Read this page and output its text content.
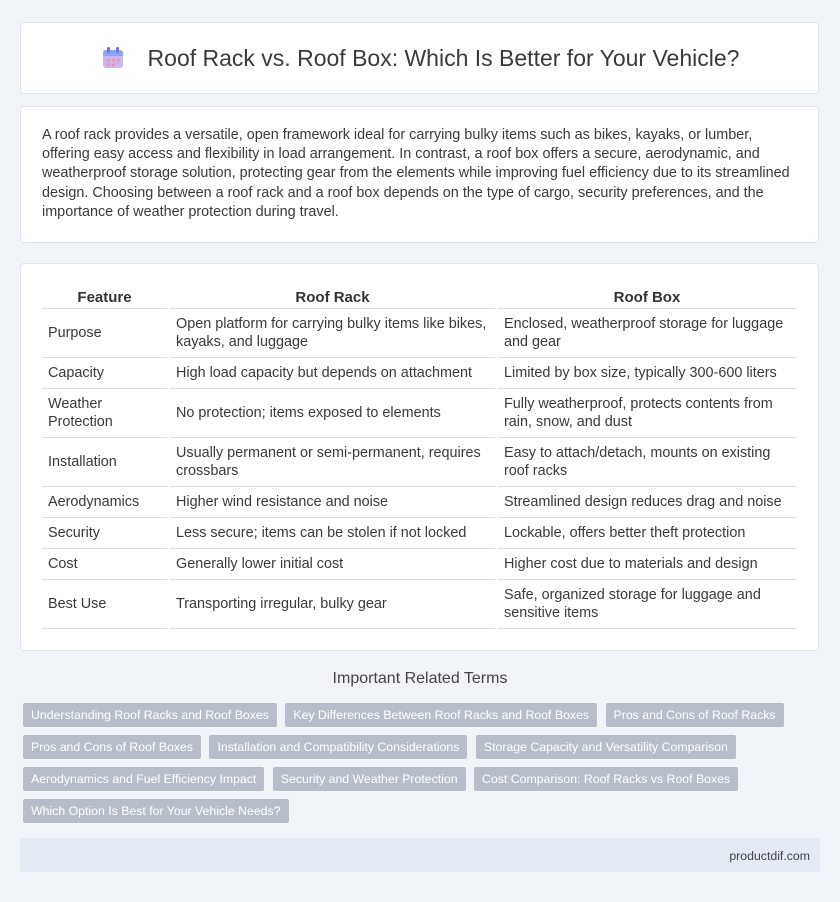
Roof Rack vs. Roof Box: Which Is Better for Your Vehicle?

A roof rack provides a versatile, open framework ideal for carrying bulky items such as bikes, kayaks, or lumber, offering easy access and flexibility in load arrangement. In contrast, a roof box offers a secure, aerodynamic, and weatherproof storage solution, protecting gear from the elements while improving fuel efficiency due to its streamlined design. Choosing between a roof rack and a roof box depends on the type of cargo, security preferences, and the importance of weather protection during travel.

Feature	Roof Rack	Roof Box
Purpose	Open platform for carrying bulky items like bikes, kayaks, and luggage	Enclosed, weatherproof storage for luggage and gear
Capacity	High load capacity but depends on attachment	Limited by box size, typically 300-600 liters
Weather Protection	No protection; items exposed to elements	Fully weatherproof, protects contents from rain, snow, and dust
Installation	Usually permanent or semi-permanent, requires crossbars	Easy to attach/detach, mounts on existing roof racks
Aerodynamics	Higher wind resistance and noise	Streamlined design reduces drag and noise
Security	Less secure; items can be stolen if not locked	Lockable, offers better theft protection
Cost	Generally lower initial cost	Higher cost due to materials and design
Best Use	Transporting irregular, bulky gear	Safe, organized storage for luggage and sensitive items
Important Related Terms
Understanding Roof Racks and Roof Boxes Key Differences Between Roof Racks and Roof Boxes Pros and Cons of Roof Racks Pros and Cons of Roof Boxes Installation and Compatibility Considerations Storage Capacity and Versatility Comparison Aerodynamics and Fuel Efficiency Impact Security and Weather Protection Cost Comparison: Roof Racks vs Roof Boxes Which Option Is Best for Your Vehicle Needs?
productdif.com
